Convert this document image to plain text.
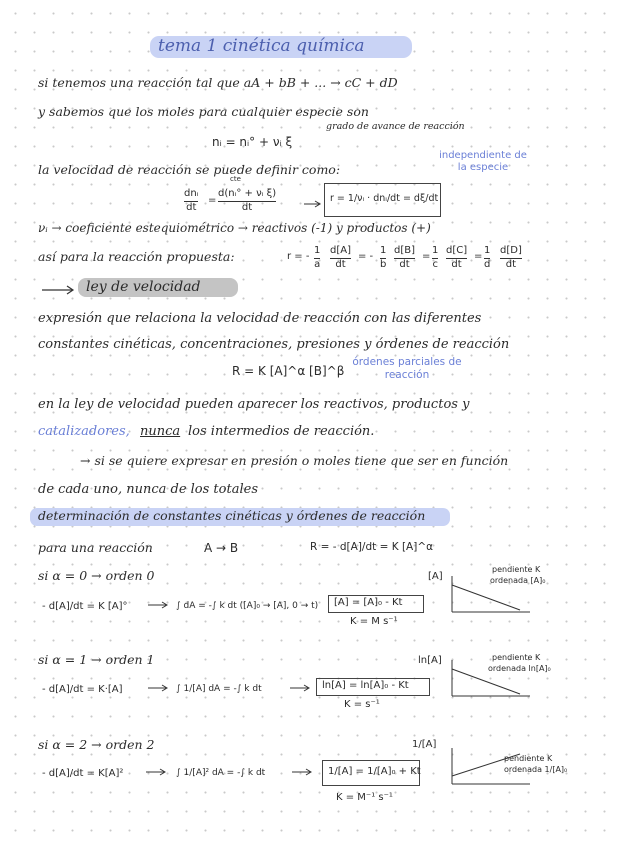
tema 1 cinética química
si tenemos una reacción tal que aA + bB + ... → cC + dD
y sabemos que los moles para cualquier especie son
grado de avance de reacción
nᵢ = nᵢ° + νᵢ ξ
la velocidad de reacción se puede definir como:
independiente de la especie
cte
dnᵢ
dt
=
d(nᵢ° + νᵢ ξ)
dt
r = 1/νᵢ · dnᵢ/dt = dξ/dt
νᵢ → coeficiente estequiométrico → reactivos (-1) y productos (+)
así para la reacción propuesta:	r = -
1
a
d[A]
dt
= -
1
b
d[B]
dt
=
1
c
d[C]
dt
=
1
d
d[D]
dt
ley de velocidad
expresión que relaciona la velocidad de reacción con las diferentes
constantes cinéticas, concentraciones, presiones y órdenes de reacción
R = K [A]^α [B]^β
órdenes parciales de reacción
en la ley de velocidad pueden aparecer los reactivos, productos y
catalizadores, nunca los intermedios de reacción.
→ si se quiere expresar en presión o moles tiene que ser en función
de cada uno, nunca de los totales
determinación de constantes cinéticas y órdenes de reacción
para una reacción	A → B	R = - d[A]/dt = K [A]^α
si α = 0 → orden 0
- d[A]/dt = K [A]°	∫ dA = -∫ k dt ([A]₀ → [A], 0 → t) [A] = [A]₀ - Kt
K = M s⁻¹
[A]
pendiente K
ordenada [A]₀
si α = 1 → orden 1
- d[A]/dt = K·[A]	∫ 1/[A] dA = -∫ k dt	ln[A] = ln[A]₀ - Kt
K = s⁻¹
ln[A]	pendiente K
ordenada ln[A]₀
si α = 2 → orden 2
- d[A]/dt = K[A]²	∫ 1/[A]² dA = -∫ k dt	1/[A] = 1/[A]₀ + Kt
K = M⁻¹ s⁻¹
1/[A]
pendiente K
ordenada 1/[A]₀
